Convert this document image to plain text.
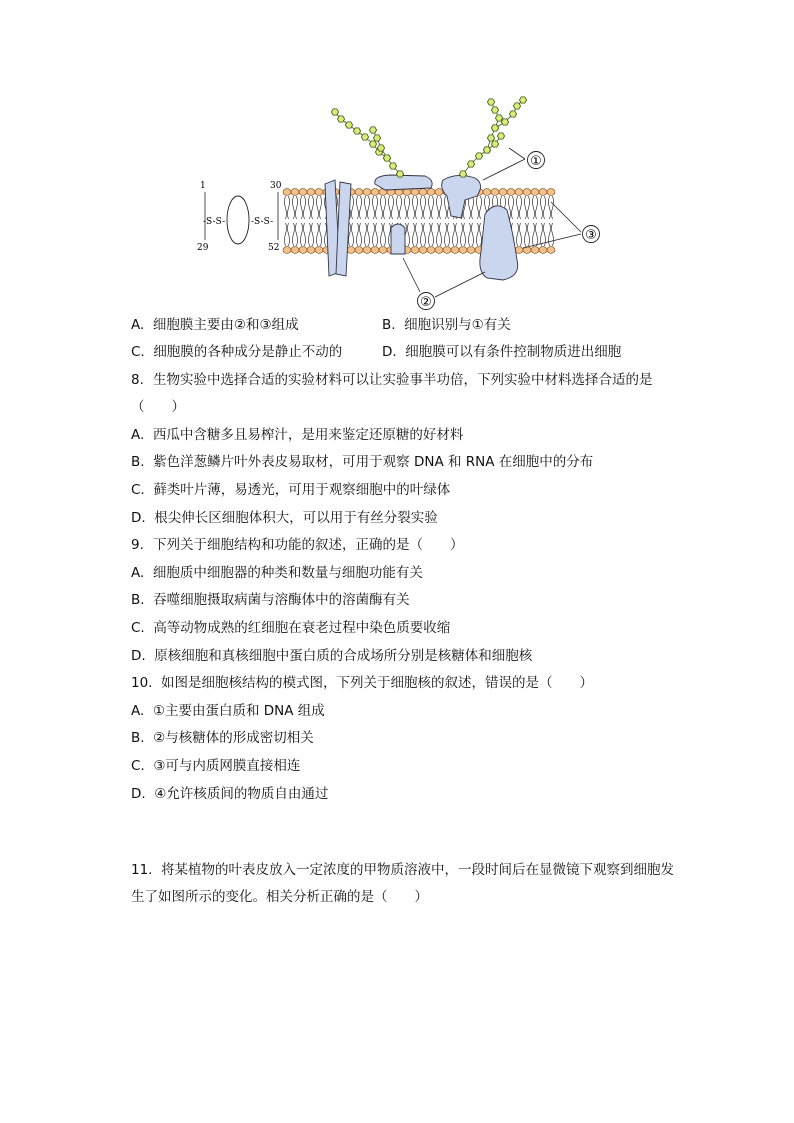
1
29
-S-S-	-S-S-
30
52
①
③
②
A. 细胞膜主要由②和③组成	B. 细胞识别与①有关
C. 细胞膜的各种成分是静止不动的	D. 细胞膜可以有条件控制物质进出细胞
8. 生物实验中选择合适的实验材料可以让实验事半功倍，下列实验中材料选择合适的是
（　　）
A. 西瓜中含糖多且易榨汁，是用来鉴定还原糖的好材料
B. 紫色洋葱鳞片叶外表皮易取材，可用于观察 DNA 和 RNA 在细胞中的分布
C. 藓类叶片薄，易透光，可用于观察细胞中的叶绿体
D. 根尖伸长区细胞体积大，可以用于有丝分裂实验
9. 下列关于细胞结构和功能的叙述，正确的是（　　）
A. 细胞质中细胞器的种类和数量与细胞功能有关
B. 吞噬细胞摄取病菌与溶酶体中的溶菌酶有关
C. 高等动物成熟的红细胞在衰老过程中染色质要收缩
D. 原核细胞和真核细胞中蛋白质的合成场所分别是核糖体和细胞核
10. 如图是细胞核结构的模式图，下列关于细胞核的叙述，错误的是（　　）
A. ①主要由蛋白质和 DNA 组成
B. ②与核糖体的形成密切相关
C. ③可与内质网膜直接相连
D. ④允许核质间的物质自由通过
11. 将某植物的叶表皮放入一定浓度的甲物质溶液中，一段时间后在显微镜下观察到细胞发
生了如图所示的变化。相关分析正确的是（　　）
